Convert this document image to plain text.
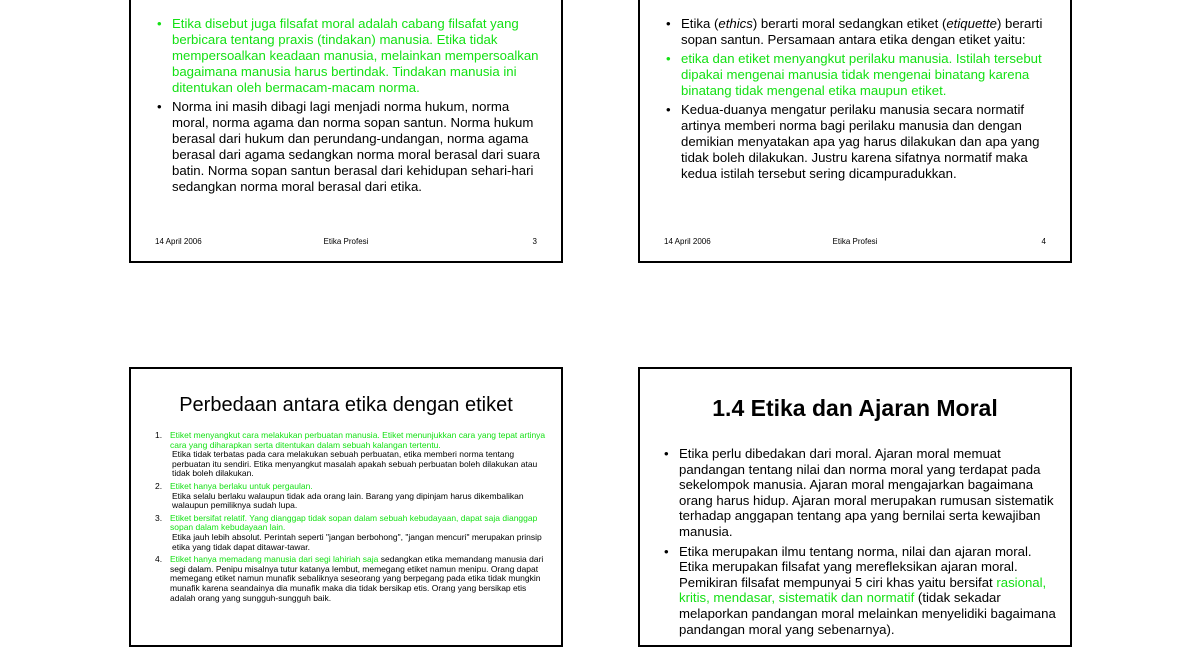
• Etika disebut juga filsafat moral adalah cabang filsafat yang berbicara tentang praxis (tindakan) manusia. Etika tidak mempersoalkan keadaan manusia, melainkan mempersoalkan bagaimana manusia harus bertindak. Tindakan manusia ini ditentukan oleh bermacam-macam norma.
• Norma ini masih dibagi lagi menjadi norma hukum, norma moral, norma agama dan norma sopan santun. Norma hukum berasal dari hukum dan perundang-undangan, norma agama berasal dari agama sedangkan norma moral berasal dari suara batin. Norma sopan santun berasal dari kehidupan sehari-hari sedangkan norma moral berasal dari etika.
14 April 2006	Etika Profesi	3
• Etika (ethics) berarti moral sedangkan etiket (etiquette) berarti sopan santun. Persamaan antara etika dengan etiket yaitu:
• etika dan etiket menyangkut perilaku manusia. Istilah tersebut dipakai mengenai manusia tidak mengenai binatang karena binatang tidak mengenal etika maupun etiket.
• Kedua-duanya mengatur perilaku manusia secara normatif artinya memberi norma bagi perilaku manusia dan dengan demikian menyatakan apa yag harus dilakukan dan apa yang tidak boleh dilakukan. Justru karena sifatnya normatif maka kedua istilah tersebut sering dicampuradukkan.
14 April 2006	Etika Profesi	4
Perbedaan antara etika dengan etiket
1. Etiket menyangkut cara melakukan perbuatan manusia. Etiket menunjukkan cara yang tepat artinya cara yang diharapkan serta ditentukan dalam sebuah kalangan tertentu.
Etika tidak terbatas pada cara melakukan sebuah perbuatan, etika memberi norma tentang perbuatan itu sendiri. Etika menyangkut masalah apakah sebuah perbuatan boleh dilakukan atau tidak boleh dilakukan.
2. Etiket hanya berlaku untuk pergaulan.
Etika selalu berlaku walaupun tidak ada orang lain. Barang yang dipinjam harus dikembalikan walaupun pemiliknya sudah lupa.
3. Etiket bersifat relatif. Yang dianggap tidak sopan dalam sebuah kebudayaan, dapat saja dianggap sopan dalam kebudayaan lain.
Etika jauh lebih absolut. Perintah seperti "jangan berbohong", "jangan mencuri" merupakan prinsip etika yang tidak dapat ditawar-tawar.
4. Etiket hanya memadang manusia dari segi lahiriah saja sedangkan etika memandang manusia dari segi dalam. Penipu misalnya tutur katanya lembut, memegang etiket namun menipu. Orang dapat memegang etiket namun munafik sebaliknya seseorang yang berpegang pada etika tidak mungkin munafik karena seandainya dia munafik maka dia tidak bersikap etis. Orang yang bersikap etis adalah orang yang sungguh-sungguh baik.
1.4 Etika dan Ajaran Moral
• Etika perlu dibedakan dari moral. Ajaran moral memuat pandangan tentang nilai dan norma moral yang terdapat pada sekelompok manusia. Ajaran moral mengajarkan bagaimana orang harus hidup. Ajaran moral merupakan rumusan sistematik terhadap anggapan tentang apa yang bernilai serta kewajiban manusia.
• Etika merupakan ilmu tentang norma, nilai dan ajaran moral. Etika merupakan filsafat yang merefleksikan ajaran moral. Pemikiran filsafat mempunyai 5 ciri khas yaitu bersifat rasional, kritis, mendasar, sistematik dan normatif (tidak sekadar melaporkan pandangan moral melainkan menyelidiki bagaimana pandangan moral yang sebenarnya).
